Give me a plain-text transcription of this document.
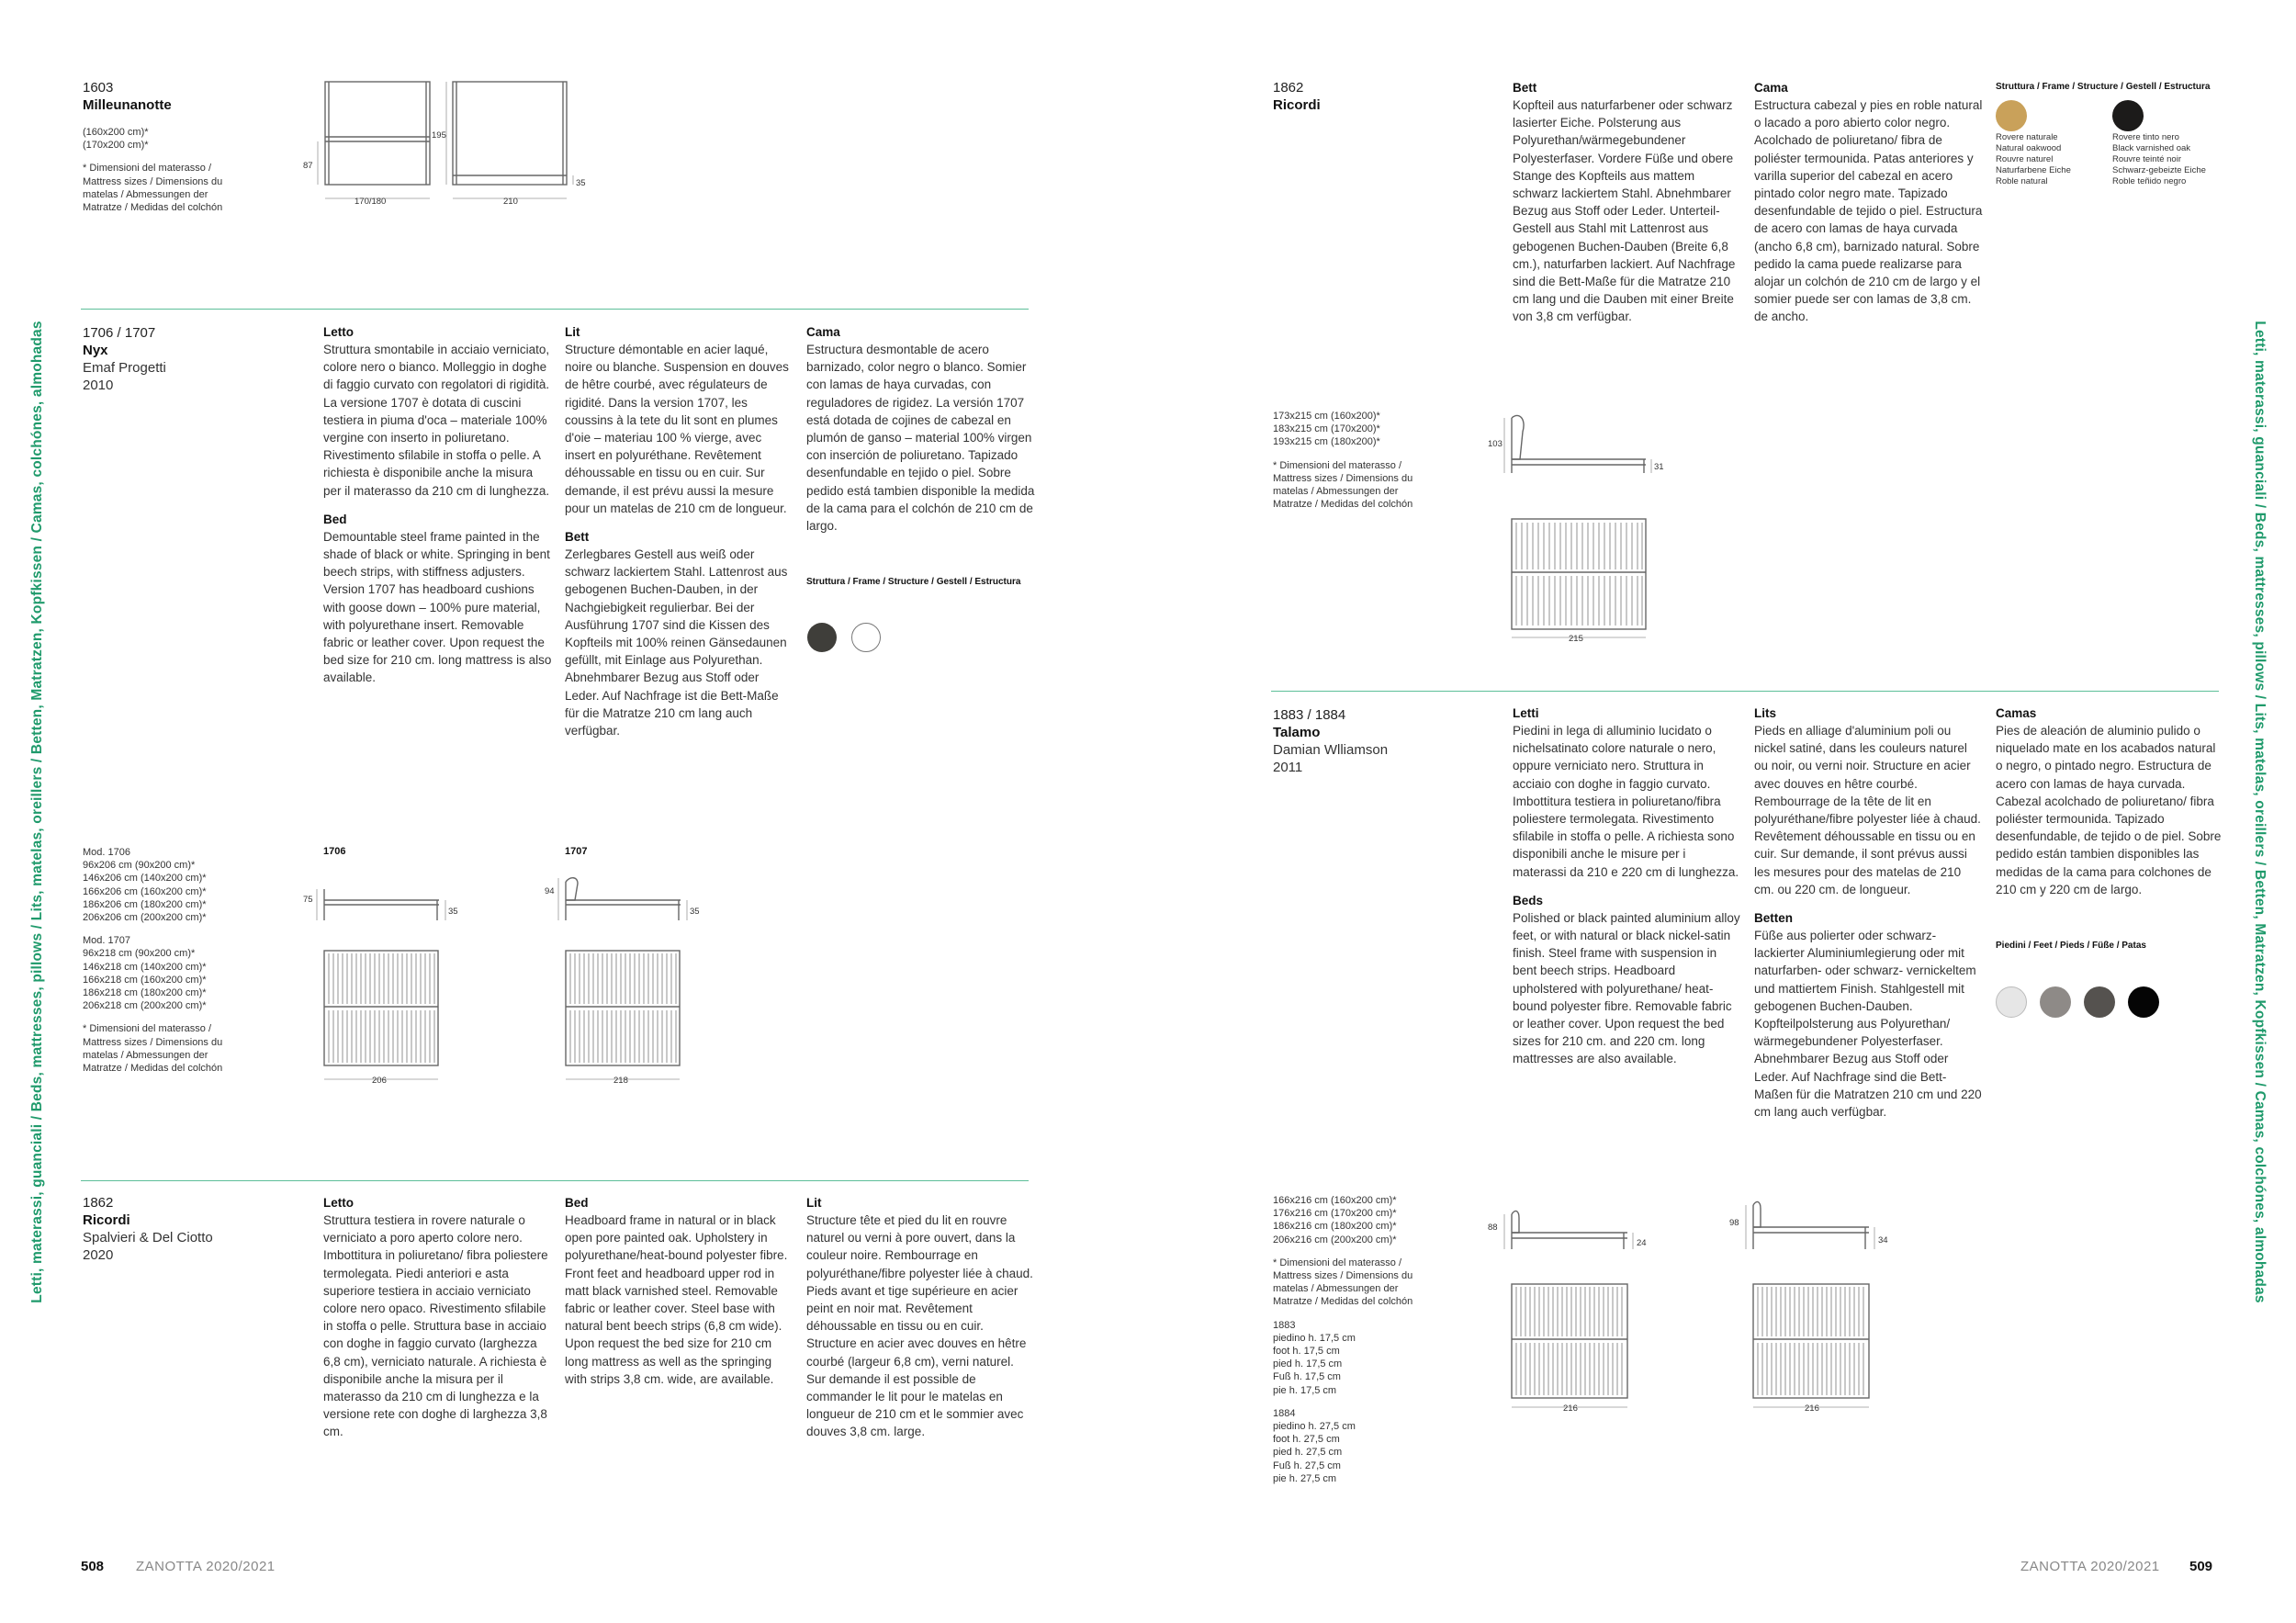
Letti, materassi, guanciali / Beds, mattresses, pillows / Lits, matelas, oreillers / Betten, Matratzen, Kopfkissen / Camas, colchónes, almohadas	Letti, materassi, guanciali / Beds, mattresses, pillows / Lits, matelas, oreillers / Betten, Matratzen, Kopfkissen / Camas, colchónes, almohadas
1603
Milleunanotte
(160x200 cm)*
(170x200 cm)*
* Dimensioni del materasso /
Mattress sizes / Dimensions du
matelas / Abmessungen der
Matratze / Medidas del colchón
87
195
35
170/180	210
1706 / 1707
Nyx
Emaf Progetti
2010
Letto
Struttura smontabile in acciaio verniciato, colore nero o bianco. Molleggio in doghe di faggio curvato con regolatori di rigidità. La versione 1707 è dotata di cuscini testiera in piuma d'oca – materiale 100% vergine con inserto in poliuretano. Rivestimento sfilabile in stoffa o pelle. A richiesta è disponibile anche la misura per il materasso da 210 cm di lunghezza.
Bed
Demountable steel frame painted in the shade of black or white. Springing in bent beech strips, with stiffness adjusters. Version 1707 has headboard cushions with goose down – 100% pure material, with polyurethane insert. Removable fabric or leather cover. Upon request the bed size for 210 cm. long mattress is also available.
Lit
Structure démontable en acier laqué, noire ou blanche. Suspension en douves de hêtre courbé, avec régulateurs de rigidité. Dans la version 1707, les coussins à la tete du lit sont en plumes d'oie – materiau 100 % vierge, avec insert en polyuréthane. Revêtement déhoussable en tissu ou en cuir. Sur demande, il est prévu aussi la mesure pour un matelas de 210 cm de longueur.
Bett
Zerlegbares Gestell aus weiß oder schwarz lackiertem Stahl. Lattenrost aus gebogenen Buchen-Dauben, in der Nachgiebigkeit regulierbar. Bei der Ausführung 1707 sind die Kissen des Kopfteils mit 100% reinen Gänsedaunen gefüllt, mit Einlage aus Polyurethan. Abnehmbarer Bezug aus Stoff oder Leder. Auf Nachfrage ist die Bett-Maße für die Matratze 210 cm lang auch verfügbar.
Cama
Estructura desmontable de acero barnizado, color negro o blanco. Somier con lamas de haya curvadas, con reguladores de rigidez. La versión 1707 está dotada de cojines de cabezal en plumón de ganso – material 100% virgen con inserción de poliuretano. Tapizado desenfundable en tejido o piel. Sobre pedido está tambien disponible la medida de la cama para el colchón de 210 cm de largo.
Struttura / Frame / Structure / Gestell / Estructura
Mod. 1706
96x206 cm (90x200 cm)*
146x206 cm (140x200 cm)*
166x206 cm (160x200 cm)*
186x206 cm (180x200 cm)*
206x206 cm (200x200 cm)*
Mod. 1707
96x218 cm (90x200 cm)*
146x218 cm (140x200 cm)*
166x218 cm (160x200 cm)*
186x218 cm (180x200 cm)*
206x218 cm (200x200 cm)*
* Dimensioni del materasso /
Mattress sizes / Dimensions du
matelas / Abmessungen der
Matratze / Medidas del colchón
1706
75
35
206
1707
94
35
218
1862
Ricordi
Spalvieri & Del Ciotto
2020
Letto
Struttura testiera in rovere naturale o verniciato a poro aperto colore nero. Imbottitura in poliuretano/ fibra poliestere termolegata. Piedi anteriori e asta superiore testiera in acciaio verniciato colore nero opaco. Rivestimento sfilabile in stoffa o pelle. Struttura base in acciaio con doghe in faggio curvato (larghezza 6,8 cm), verniciato naturale. A richiesta è disponibile anche la misura per il materasso da 210 cm di lunghezza e la versione rete con doghe di larghezza 3,8 cm.
Bed
Headboard frame in natural or in black open pore painted oak. Upholstery in polyurethane/heat-bound polyester fibre. Front feet and headboard upper rod in matt black varnished steel. Removable fabric or leather cover. Steel base with natural bent beech strips (6,8 cm wide). Upon request the bed size for 210 cm long mattress as well as the springing with strips 3,8 cm. wide, are available.
Lit
Structure tête et pied du lit en rouvre naturel ou verni à pore ouvert, dans la couleur noire. Rembourrage en polyuréthane/fibre polyester liée à chaud. Pieds avant et tige supérieure en acier peint en noir mat. Revêtement déhoussable en tissu ou en cuir. Structure en acier avec douves en hêtre courbé (largeur 6,8 cm), verni naturel. Sur demande il est possible de commander le lit pour le matelas en longueur de 210 cm et le sommier avec douves 3,8 cm. large.
508 ZANOTTA 2020/2021
1862
Ricordi
Bett
Kopfteil aus naturfarbener oder schwarz lasierter Eiche. Polsterung aus Polyurethan/wärmegebundener Polyesterfaser. Vordere Füße und obere Stange des Kopfteils aus mattem schwarz lackiertem Stahl. Abnehmbarer Bezug aus Stoff oder Leder. Unterteil-Gestell aus Stahl mit Lattenrost aus gebogenen Buchen-Dauben (Breite 6,8 cm.), naturfarben lackiert. Auf Nachfrage sind die Bett-Maße für die Matratze 210 cm lang und die Dauben mit einer Breite von 3,8 cm verfügbar.
Cama
Estructura cabezal y pies en roble natural o lacado a poro abierto color negro. Acolchado de poliuretano/ fibra de poliéster termounida. Patas anteriores y varilla superior del cabezal en acero pintado color negro mate. Tapizado desenfundable de tejido o piel. Estructura de acero con lamas de haya curvada (ancho 6,8 cm), barnizado natural. Sobre pedido la cama puede realizarse para alojar un colchón de 210 cm de largo y el somier puede ser con lamas de 3,8 cm. de ancho.
Struttura / Frame / Structure / Gestell / Estructura
Rovere naturale
Natural oakwood
Rouvre naturel
Naturfarbene Eiche
Roble natural
Rovere tinto nero
Black varnished oak
Rouvre teinté noir
Schwarz-gebeizte Eiche
Roble teñido negro
173x215 cm (160x200)*
183x215 cm (170x200)*
193x215 cm (180x200)*
* Dimensioni del materasso /
Mattress sizes / Dimensions du
matelas / Abmessungen der
Matratze / Medidas del colchón
103
31
215
1883 / 1884
Talamo
Damian Wlliamson
2011
Letti
Piedini in lega di alluminio lucidato o nichelsatinato colore naturale o nero, oppure verniciato nero. Struttura in acciaio con doghe in faggio curvato. Imbottitura testiera in poliuretano/fibra poliestere termolegata. Rivestimento sfilabile in stoffa o pelle. A richiesta sono disponibili anche le misure per i materassi da 210 e 220 cm di lunghezza.
Beds
Polished or black painted aluminium alloy feet, or with natural or black nickel-satin finish. Steel frame with suspension in bent beech strips. Headboard upholstered with polyurethane/ heat-bound polyester fibre. Removable fabric or leather cover. Upon request the bed sizes for 210 cm. and 220 cm. long mattresses are also available.
Lits
Pieds en alliage d'aluminium poli ou nickel satiné, dans les couleurs naturel ou noir, ou verni noir. Structure en acier avec douves en hêtre courbé. Rembourrage de la tête de lit en polyuréthane/fibre polyester liée à chaud. Revêtement déhoussable en tissu ou en cuir. Sur demande, il sont prévus aussi les mesures pour des matelas de 210 cm. ou 220 cm. de longueur.
Betten
Füße aus polierter oder schwarz-lackierter Aluminiumlegierung oder mit naturfarben- oder schwarz- vernickeltem und mattiertem Finish. Stahlgestell mit gebogenen Buchen-Dauben. Kopfteilpolsterung aus Polyurethan/ wärmegebundener Polyesterfaser. Abnehmbarer Bezug aus Stoff oder Leder. Auf Nachfrage sind die Bett-Maßen für die Matratzen 210 cm und 220 cm lang auch verfügbar.
Camas
Pies de aleación de aluminio pulido o niquelado mate en los acabados natural o negro, o pintado negro. Estructura de acero con lamas de haya curvada. Cabezal acolchado de poliuretano/ fibra poliéster termounida. Tapizado desenfundable, de tejido o de piel. Sobre pedido están tambien disponibles las medidas de la cama para colchones de 210 cm y 220 cm de largo.
Piedini / Feet / Pieds / Füße / Patas
166x216 cm (160x200 cm)*
176x216 cm (170x200 cm)*
186x216 cm (180x200 cm)*
206x216 cm (200x200 cm)*
* Dimensioni del materasso /
Mattress sizes / Dimensions du
matelas / Abmessungen der
Matratze / Medidas del colchón
1883
piedino h. 17,5 cm
foot h. 17,5 cm
pied h. 17,5 cm
Fuß h. 17,5 cm
pie h. 17,5 cm
1884
piedino h. 27,5 cm
foot h. 27,5 cm
pied h. 27,5 cm
Fuß h. 27,5 cm
pie h. 27,5 cm
88
24
216
98
34
216
ZANOTTA 2020/2021 509
